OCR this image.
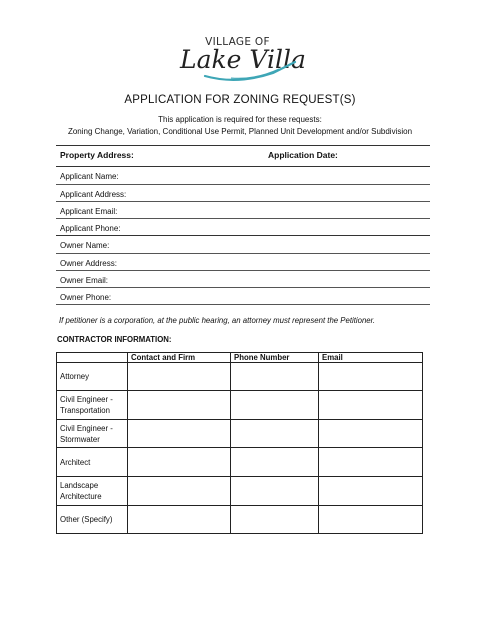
VILLAGE OF
Lake Villa
APPLICATION FOR ZONING REQUEST(S)
This application is required for these requests:
Zoning Change, Variation, Conditional Use Permit, Planned Unit Development and/or Subdivision
Property Address:	Application Date:
Applicant Name:
Applicant Address:
Applicant Email:
Applicant Phone:
Owner Name:
Owner Address:
Owner Email:
Owner Phone:
If petitioner is a corporation, at the public hearing, an attorney must represent the Petitioner.
CONTRACTOR INFORMATION:
	Contact and Firm	Phone Number	Email
Attorney			
Civil Engineer - Transportation			
Civil Engineer - Stormwater			
Architect			
Landscape Architecture			
Other (Specify)			
